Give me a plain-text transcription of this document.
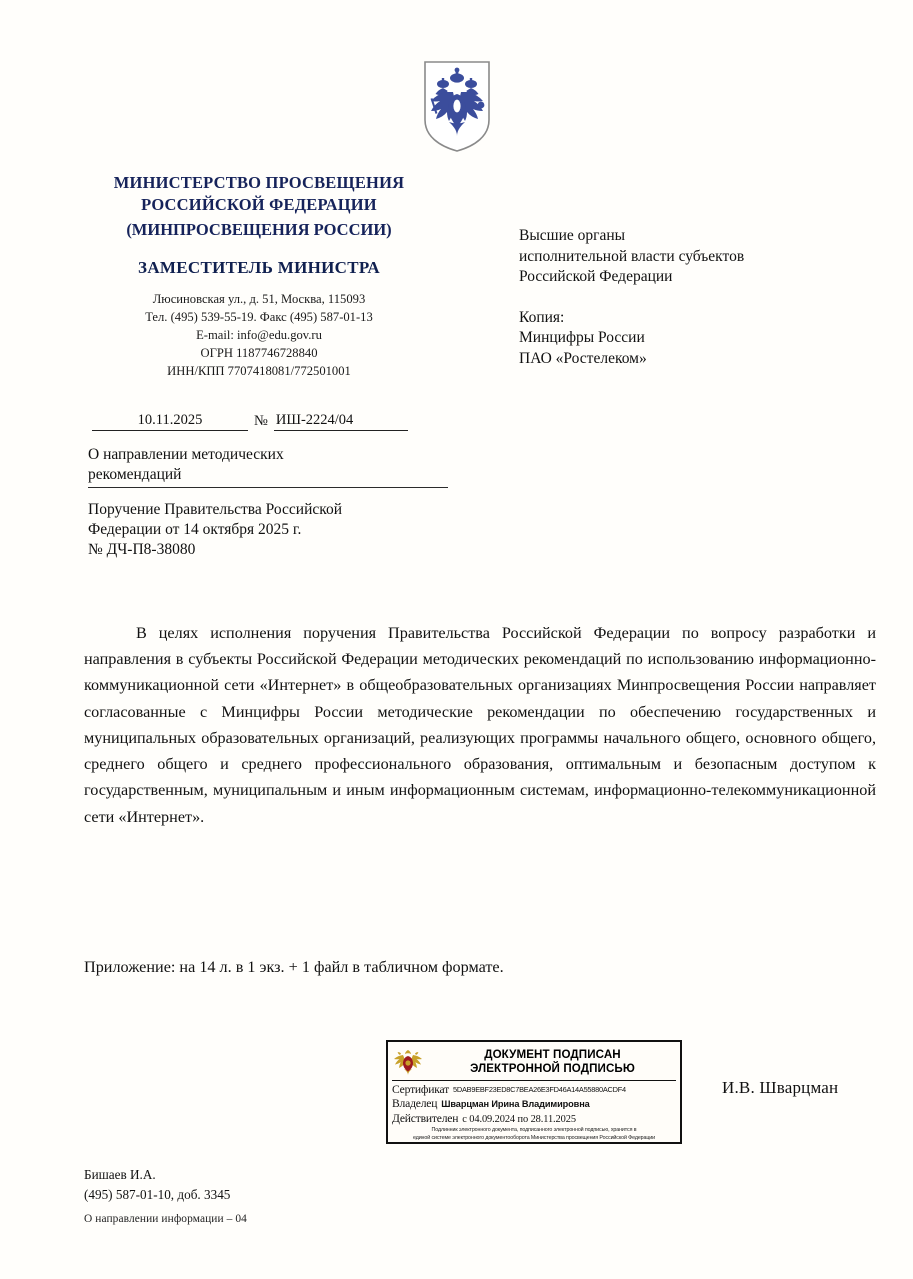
МИНИСТЕРСТВО ПРОСВЕЩЕНИЯ
РОССИЙСКОЙ ФЕДЕРАЦИИ
(МИНПРОСВЕЩЕНИЯ РОССИИ)
ЗАМЕСТИТЕЛЬ МИНИСТРА
Люсиновская ул., д. 51, Москва, 115093
Тел. (495) 539-55-19. Факс (495) 587-01-13
E-mail: info@edu.gov.ru
ОГРН 1187746728840
ИНН/КПП 7707418081/772501001
10.11.2025	№ ИШ-2224/04
О направлении методических
рекомендаций
Поручение Правительства Российской
Федерации от 14 октября 2025 г.
№ ДЧ-П8-38080
Высшие органы
исполнительной власти субъектов
Российской Федерации
Копия:
Минцифры России
ПАО «Ростелеком»
В целях исполнения поручения Правительства Российской Федерации по вопросу разработки и направления в субъекты Российской Федерации методических рекомендаций по использованию информационно-коммуникационной сети «Интернет» в общеобразовательных организациях Минпросвещения России направляет согласованные с Минцифры России методические рекомендации по обеспечению государственных и муниципальных образовательных организаций, реализующих программы начального общего, основного общего, среднего общего и среднего профессионального образования, оптимальным и безопасным доступом к государственным, муниципальным и иным информационным системам, информационно-телекоммуникационной сети «Интернет».
Приложение: на 14 л. в 1 экз. + 1 файл в табличном формате.
ДОКУМЕНТ ПОДПИСАН
ЭЛЕКТРОННОЙ ПОДПИСЬЮ
Сертификат 5DAB9EBF23ED8C7BEA26E3FD46A14A55880ACDF4
Владелец Шварцман Ирина Владимировна
Действителен с 04.09.2024 по 28.11.2025
Подлинник электронного документа, подписанного электронной подписью, хранится в
единой системе электронного документооборота Министерства просвещения Российской Федерации
И.В. Шварцман
Бишаев И.А.
(495) 587-01-10, доб. 3345
О направлении информации – 04
